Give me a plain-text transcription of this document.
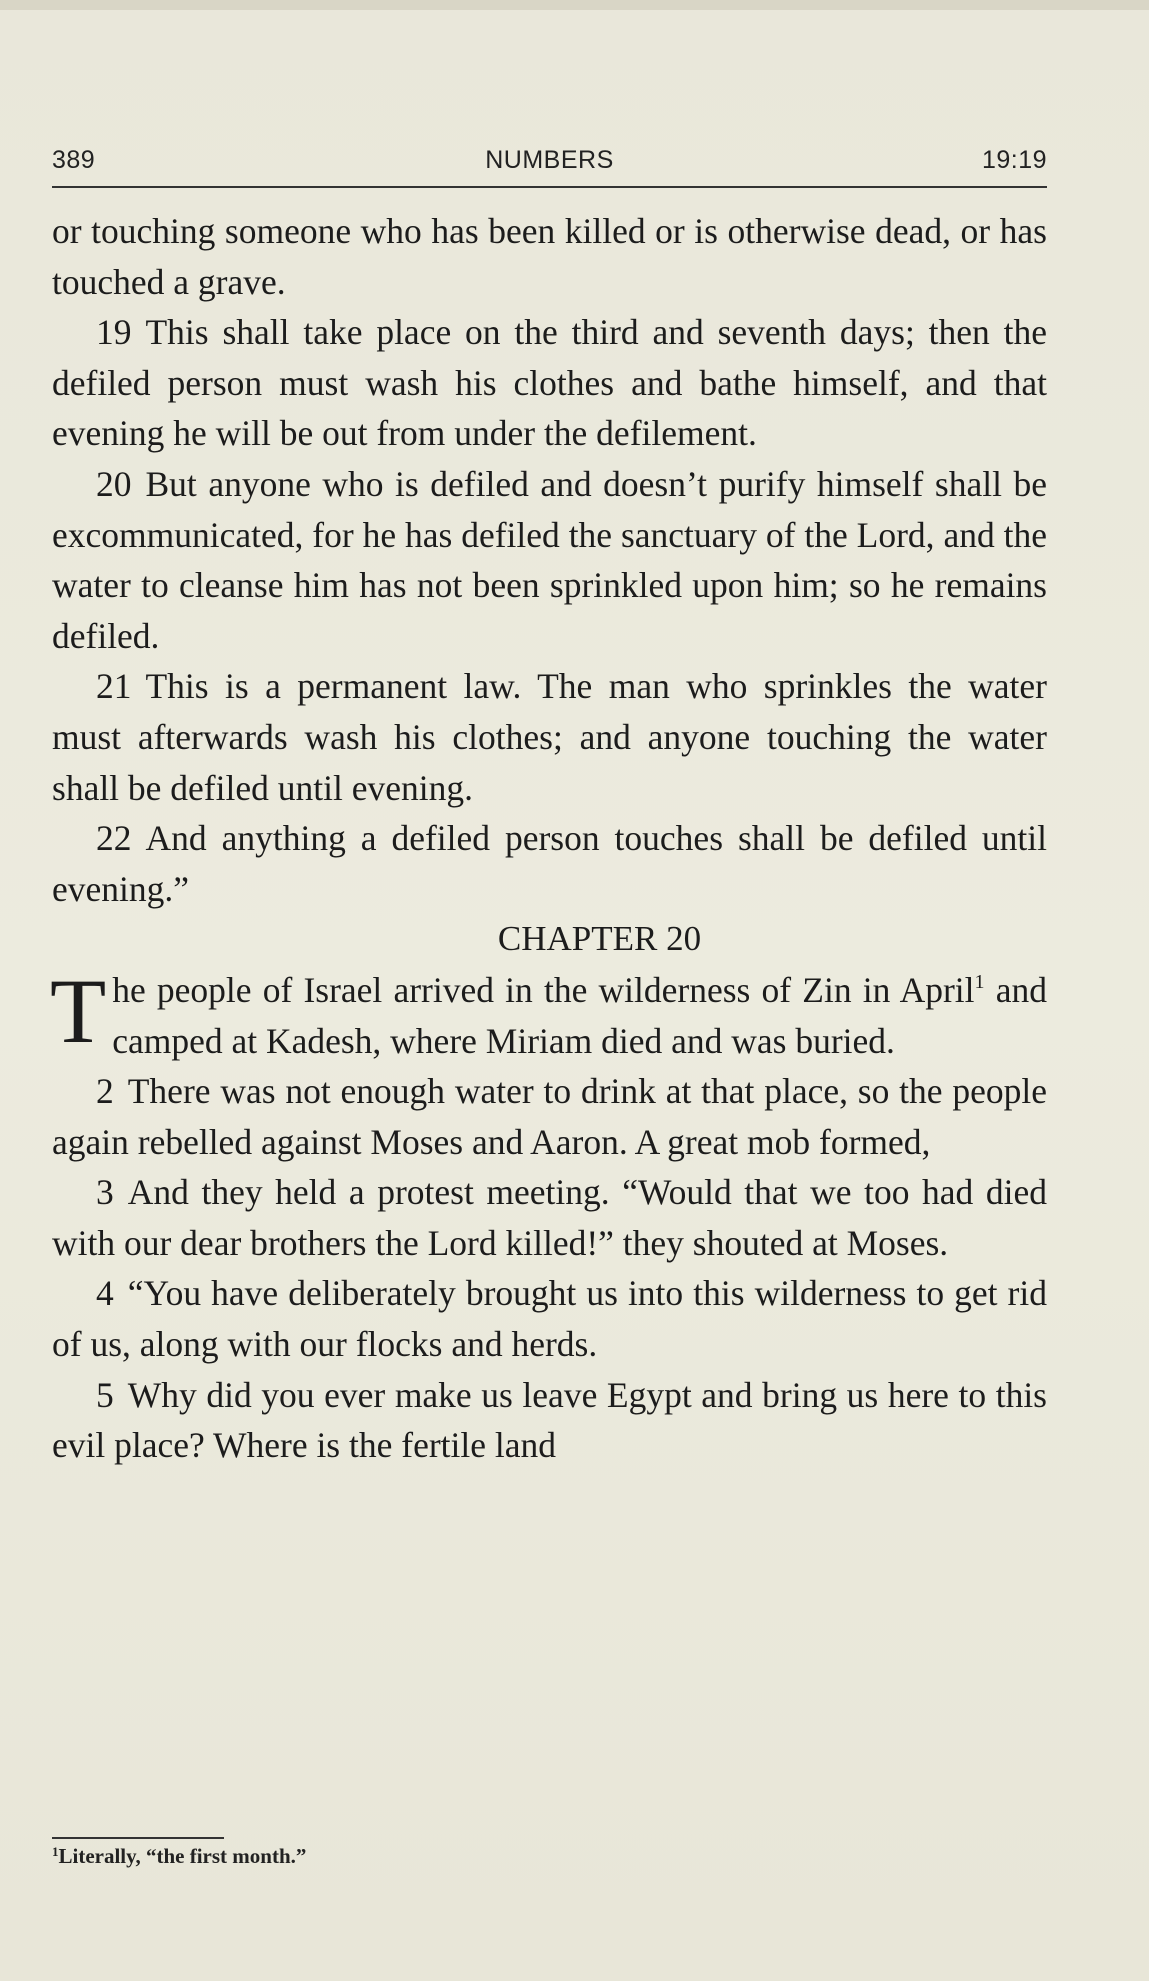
389	NUMBERS	19:19

or touching someone who has been killed or is otherwise dead, or has touched a grave.

19 This shall take place on the third and seventh days; then the defiled person must wash his clothes and bathe himself, and that evening he will be out from under the defilement.

20 But anyone who is defiled and doesn’t purify himself shall be excommunicated, for he has defiled the sanctuary of the Lord, and the water to cleanse him has not been sprinkled upon him; so he remains defiled.

21 This is a permanent law. The man who sprinkles the water must afterwards wash his clothes; and anyone touching the water shall be defiled until evening.

22 And anything a defiled person touches shall be defiled until evening.”

CHAPTER 20

The people of Israel arrived in the wilderness of Zin in April$^1$ and camped at Kadesh, where Miriam died and was buried.

2 There was not enough water to drink at that place, so the people again rebelled against Moses and Aaron. A great mob formed,

3 And they held a protest meeting. “Would that we too had died with our dear brothers the Lord killed!” they shouted at Moses.

4 “You have deliberately brought us into this wilderness to get rid of us, along with our flocks and herds.

5 Why did you ever make us leave Egypt and bring us here to this evil place? Where is the fertile land

$^1$Literally, “the first month.”
